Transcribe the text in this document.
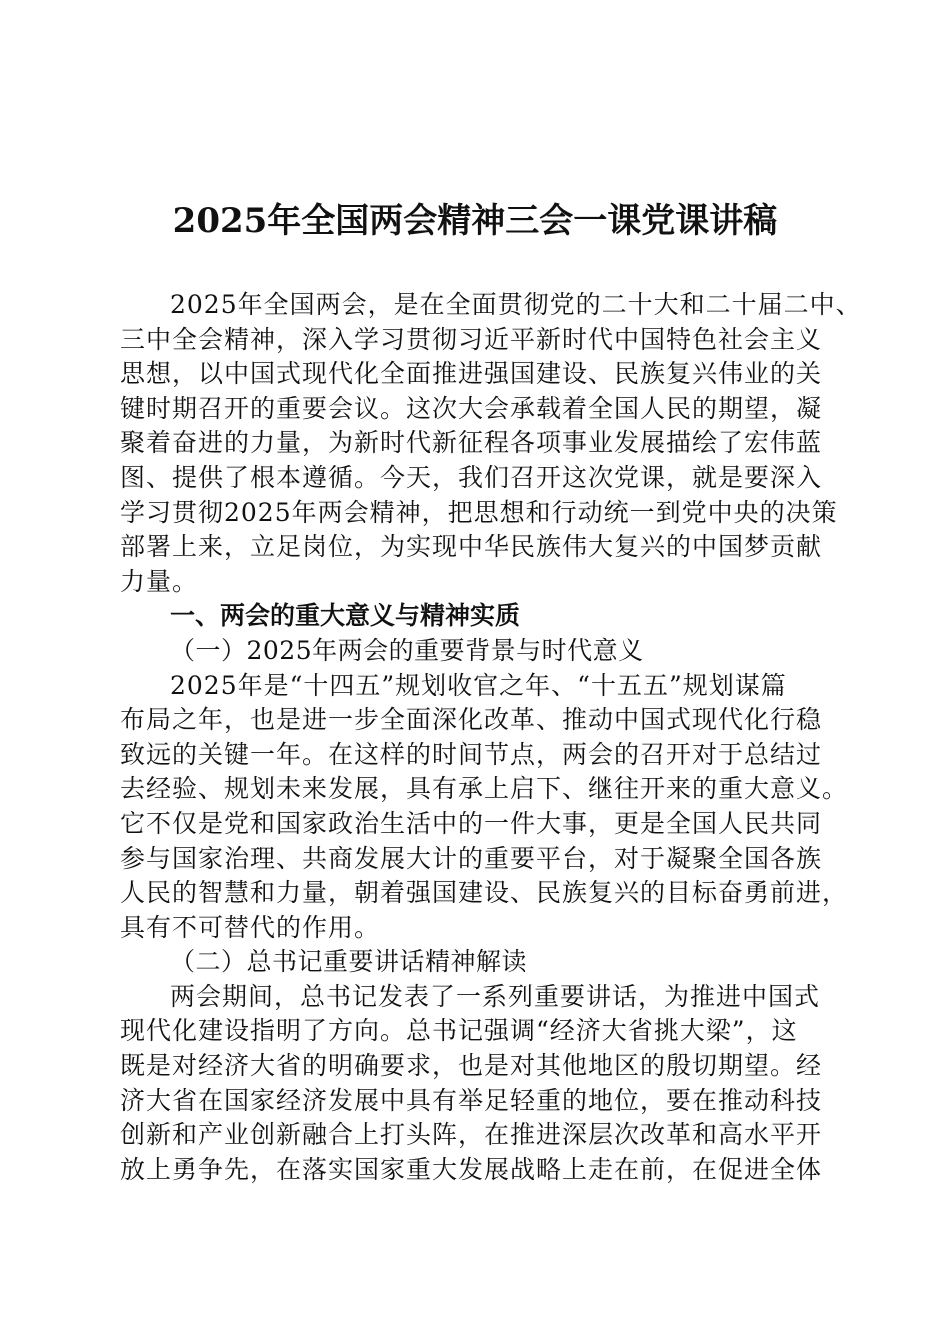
2025年全国两会精神三会一课党课讲稿
2025年全国两会，是在全面贯彻党的二十大和二十届二中、
三中全会精神，深入学习贯彻习近平新时代中国特色社会主义
思想，以中国式现代化全面推进强国建设、民族复兴伟业的关
键时期召开的重要会议。这次大会承载着全国人民的期望，凝
聚着奋进的力量，为新时代新征程各项事业发展描绘了宏伟蓝
图、提供了根本遵循。今天，我们召开这次党课，就是要深入
学习贯彻2025年两会精神，把思想和行动统一到党中央的决策
部署上来，立足岗位，为实现中华民族伟大复兴的中国梦贡献
力量。
一、两会的重大意义与精神实质
（一）2025年两会的重要背景与时代意义
2025年是“十四五”规划收官之年、“十五五”规划谋篇
布局之年，也是进一步全面深化改革、推动中国式现代化行稳
致远的关键一年。在这样的时间节点，两会的召开对于总结过
去经验、规划未来发展，具有承上启下、继往开来的重大意义。
它不仅是党和国家政治生活中的一件大事，更是全国人民共同
参与国家治理、共商发展大计的重要平台，对于凝聚全国各族
人民的智慧和力量，朝着强国建设、民族复兴的目标奋勇前进，
具有不可替代的作用。
（二）总书记重要讲话精神解读
两会期间，总书记发表了一系列重要讲话，为推进中国式
现代化建设指明了方向。总书记强调“经济大省挑大梁”，这
既是对经济大省的明确要求，也是对其他地区的殷切期望。经
济大省在国家经济发展中具有举足轻重的地位，要在推动科技
创新和产业创新融合上打头阵，在推进深层次改革和高水平开
放上勇争先，在落实国家重大发展战略上走在前，在促进全体
